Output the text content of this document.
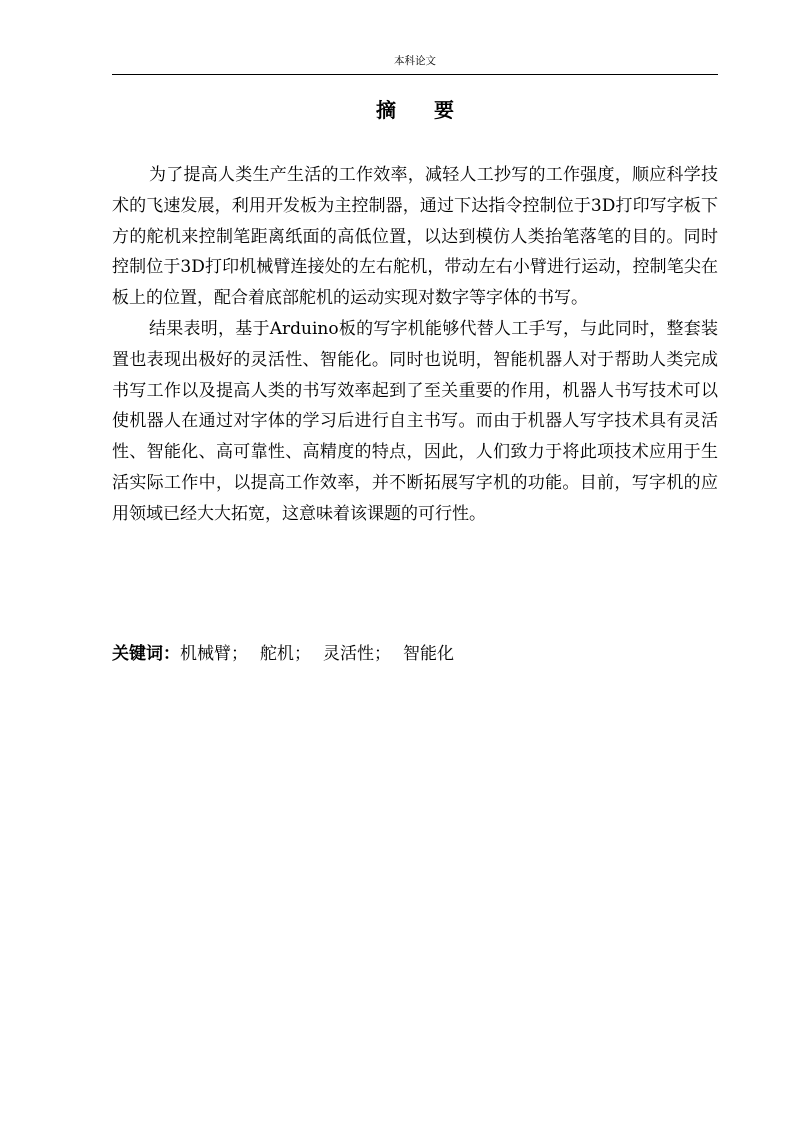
本科论文
摘 要

为了提高人类生产生活的工作效率，减轻人工抄写的工作强度，顺应科学技术的飞速发展，利用开发板为主控制器，通过下达指令控制位于3D打印写字板下方的舵机来控制笔距离纸面的高低位置，以达到模仿人类抬笔落笔的目的。同时控制位于3D打印机械臂连接处的左右舵机，带动左右小臂进行运动，控制笔尖在板上的位置，配合着底部舵机的运动实现对数字等字体的书写。

结果表明，基于Arduino板的写字机能够代替人工手写，与此同时，整套装置也表现出极好的灵活性、智能化。同时也说明，智能机器人对于帮助人类完成书写工作以及提高人类的书写效率起到了至关重要的作用，机器人书写技术可以使机器人在通过对字体的学习后进行自主书写。而由于机器人写字技术具有灵活性、智能化、高可靠性、高精度的特点，因此，人们致力于将此项技术应用于生活实际工作中，以提高工作效率，并不断拓展写字机的功能。目前，写字机的应用领域已经大大拓宽，这意味着该课题的可行性。

关键词：机械臂； 舵机； 灵活性； 智能化
